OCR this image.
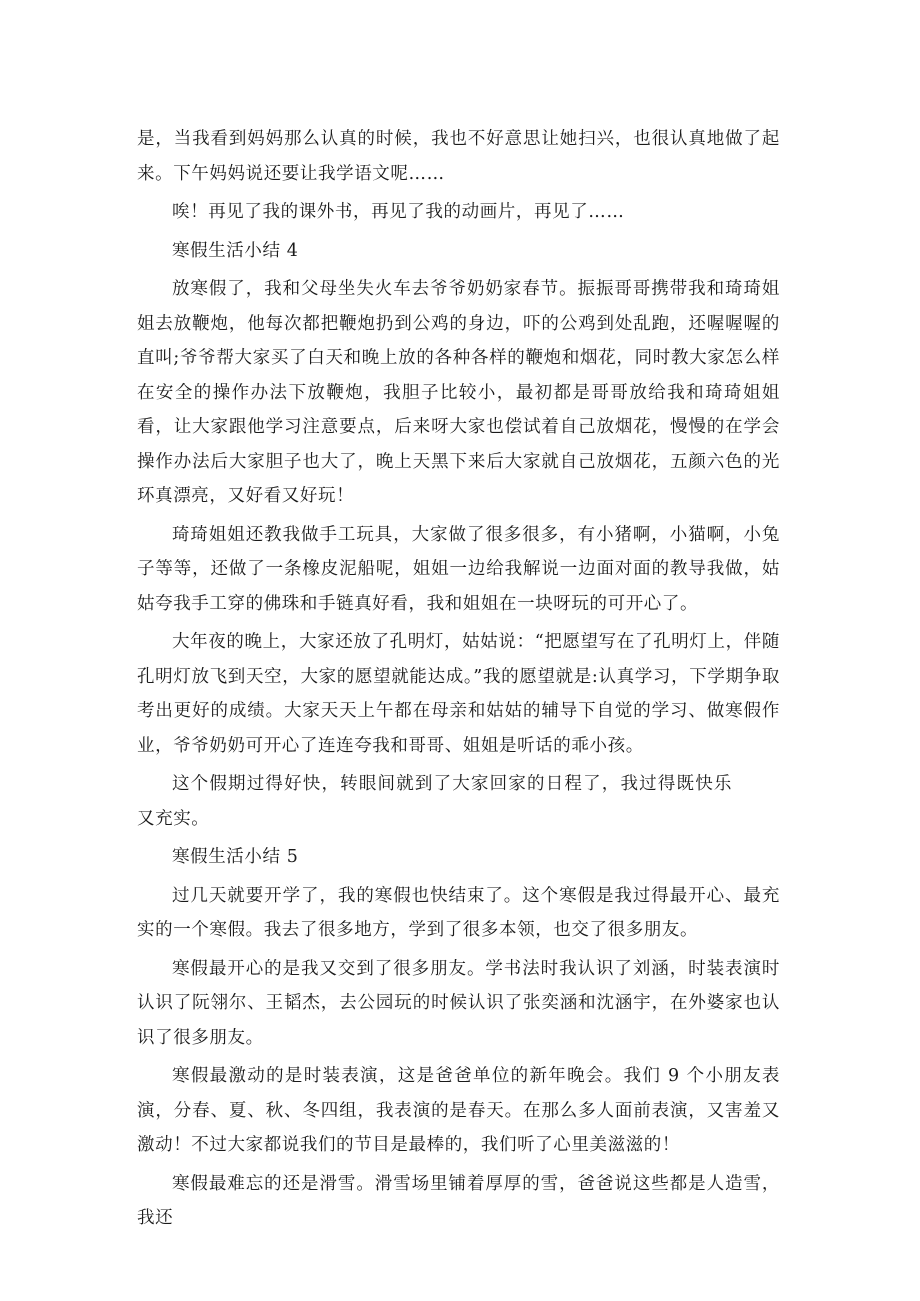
是，当我看到妈妈那么认真的时候，我也不好意思让她扫兴，也很认真地做了起来。下午妈妈说还要让我学语文呢……

唉！再见了我的课外书，再见了我的动画片，再见了……

寒假生活小结 4

放寒假了，我和父母坐失火车去爷爷奶奶家春节。振振哥哥携带我和琦琦姐姐去放鞭炮，他每次都把鞭炮扔到公鸡的身边，吓的公鸡到处乱跑，还喔喔喔的直叫;爷爷帮大家买了白天和晚上放的各种各样的鞭炮和烟花，同时教大家怎么样在安全的操作办法下放鞭炮，我胆子比较小，最初都是哥哥放给我和琦琦姐姐看，让大家跟他学习注意要点，后来呀大家也偿试着自己放烟花，慢慢的在学会操作办法后大家胆子也大了，晚上天黑下来后大家就自己放烟花，五颜六色的光环真漂亮，又好看又好玩！

琦琦姐姐还教我做手工玩具，大家做了很多很多，有小猪啊，小猫啊，小兔子等等，还做了一条橡皮泥船呢，姐姐一边给我解说一边面对面的教导我做，姑姑夸我手工穿的佛珠和手链真好看，我和姐姐在一块呀玩的可开心了。

大年夜的晚上，大家还放了孔明灯，姑姑说：“把愿望写在了孔明灯上，伴随孔明灯放飞到天空，大家的愿望就能达成。”我的愿望就是:认真学习，下学期争取考出更好的成绩。大家天天上午都在母亲和姑姑的辅导下自觉的学习、做寒假作业，爷爷奶奶可开心了连连夸我和哥哥、姐姐是听话的乖小孩。

这个假期过得好快，转眼间就到了大家回家的日程了，我过得既快乐又充实。

寒假生活小结 5

过几天就要开学了，我的寒假也快结束了。这个寒假是我过得最开心、最充实的一个寒假。我去了很多地方，学到了很多本领，也交了很多朋友。

寒假最开心的是我又交到了很多朋友。学书法时我认识了刘涵，时装表演时认识了阮翎尔、王韬杰，去公园玩的时候认识了张奕涵和沈涵宇，在外婆家也认识了很多朋友。

寒假最激动的是时装表演，这是爸爸单位的新年晚会。我们 9 个小朋友表演，分春、夏、秋、冬四组，我表演的是春天。在那么多人面前表演，又害羞又激动！不过大家都说我们的节目是最棒的，我们听了心里美滋滋的！

寒假最难忘的还是滑雪。滑雪场里铺着厚厚的雪，爸爸说这些都是人造雪，我还
